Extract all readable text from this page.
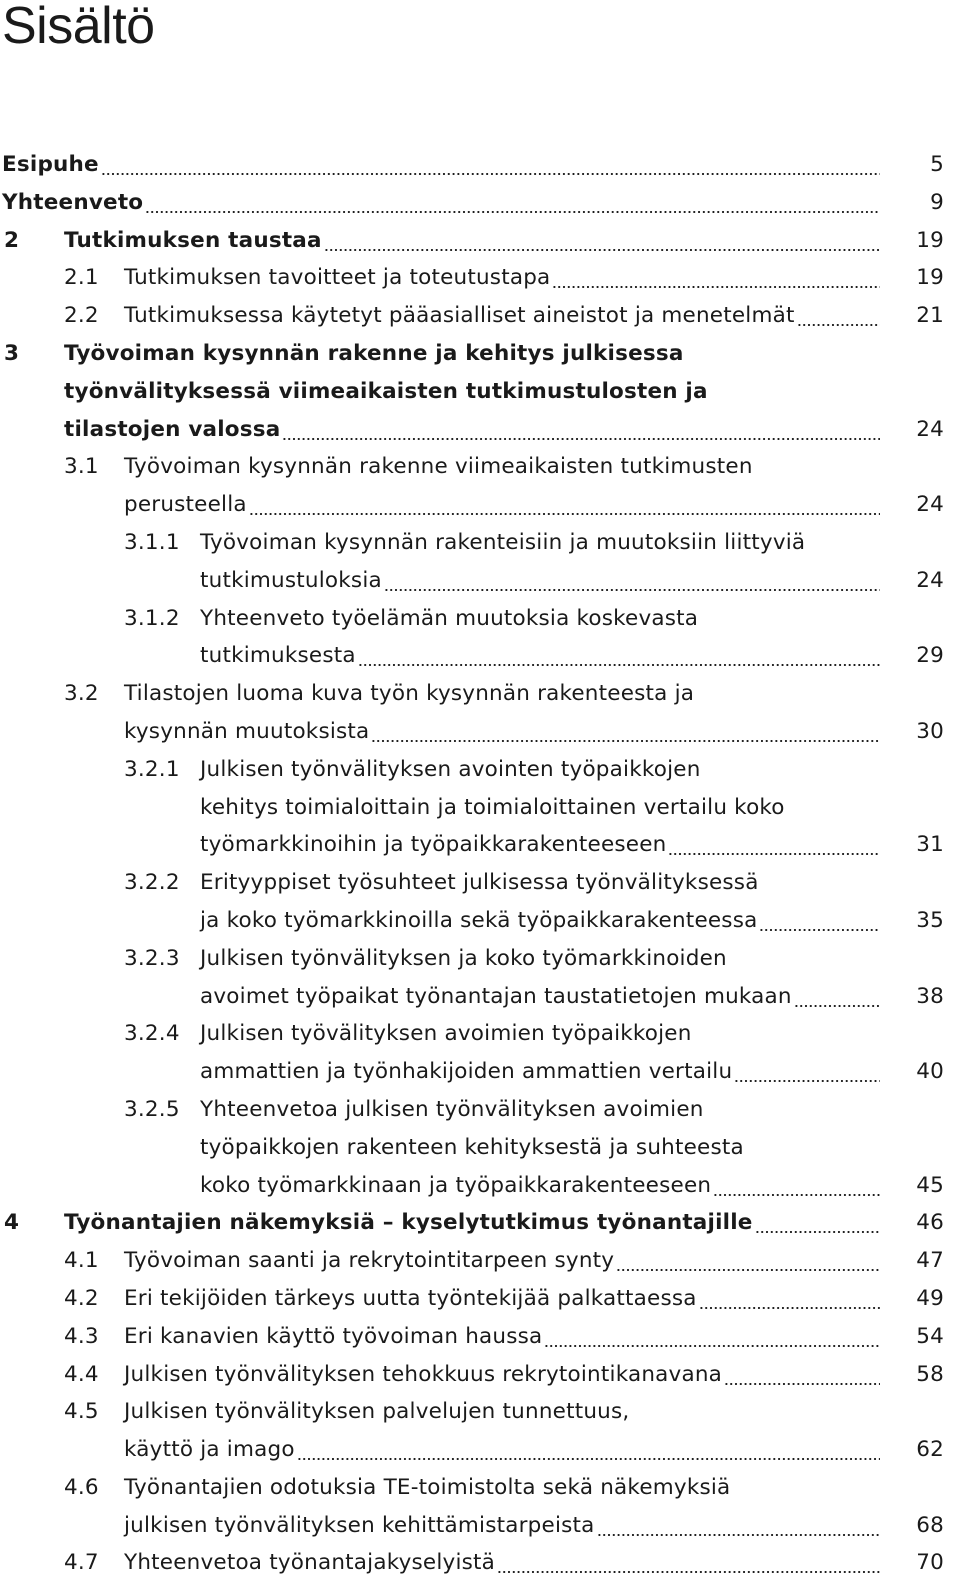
Sisältö
Esipuhe	5
Yhteenveto	9
2 Tutkimuksen taustaa	19
2.1 Tutkimuksen tavoitteet ja toteutustapa	19
2.2 Tutkimuksessa käytetyt pääasialliset aineistot ja menetelmät	21
3 Työvoiman kysynnän rakenne ja kehitys julkisessa
työnvälityksessä viimeaikaisten tutkimustulosten ja
tilastojen valossa	24
3.1 Työvoiman kysynnän rakenne viimeaikaisten tutkimusten
perusteella	24
3.1.1 Työvoiman kysynnän rakenteisiin ja muutoksiin liittyviä
tutkimustuloksia	24
3.1.2 Yhteenveto työelämän muutoksia koskevasta
tutkimuksesta	29
3.2 Tilastojen luoma kuva työn kysynnän rakenteesta ja
kysynnän muutoksista	30
3.2.1 Julkisen työnvälityksen avointen työpaikkojen
kehitys toimialoittain ja toimialoittainen vertailu koko
työmarkkinoihin ja työpaikkarakenteeseen	31
3.2.2 Erityyppiset työsuhteet julkisessa työnvälityksessä
ja koko työmarkkinoilla sekä työpaikkarakenteessa	35
3.2.3 Julkisen työnvälityksen ja koko työmarkkinoiden
avoimet työpaikat työnantajan taustatietojen mukaan	38
3.2.4 Julkisen työvälityksen avoimien työpaikkojen
ammattien ja työnhakijoiden ammattien vertailu	40
3.2.5 Yhteenvetoa julkisen työnvälityksen avoimien
työpaikkojen rakenteen kehityksestä ja suhteesta
koko työmarkkinaan ja työpaikkarakenteeseen	45
4 Työnantajien näkemyksiä – kyselytutkimus työnantajille	46
4.1 Työvoiman saanti ja rekrytointitarpeen synty	47
4.2 Eri tekijöiden tärkeys uutta työntekijää palkattaessa	49
4.3 Eri kanavien käyttö työvoiman haussa	54
4.4 Julkisen työnvälityksen tehokkuus rekrytointikanavana	58
4.5 Julkisen työnvälityksen palvelujen tunnettuus,
käyttö ja imago	62
4.6 Työnantajien odotuksia TE-toimistolta sekä näkemyksiä
julkisen työnvälityksen kehittämistarpeista	68
4.7 Yhteenvetoa työnantajakyselyistä	70
